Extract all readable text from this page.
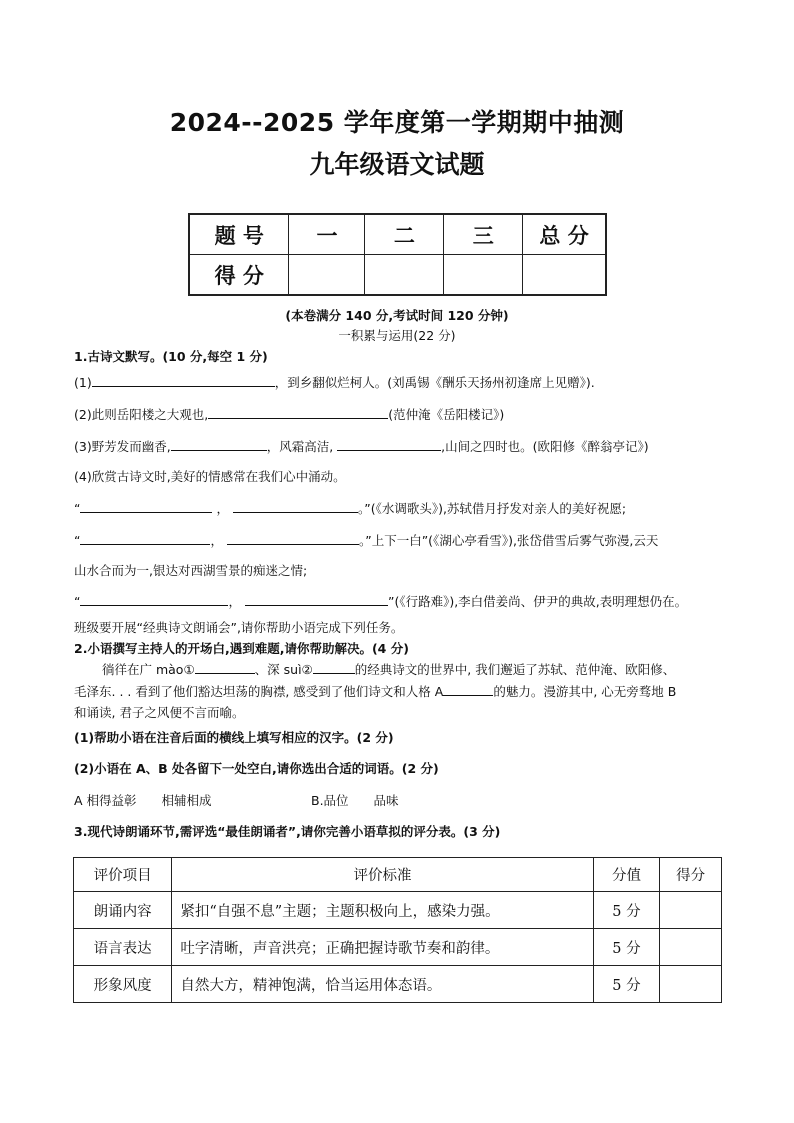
2024--2025 学年度第一学期期中抽测
九年级语文试题
题 号	一	二	三	总 分
得 分				
(本卷满分 140 分,考试时间 120 分钟)
一积累与运用(22 分)
1.古诗文默写。(10 分,每空 1 分)
(1)	，到乡翻似烂柯人。(刘禹锡《酬乐天扬州初逢席上见赠》).
(2)此则岳阳楼之大观也,	(范仲淹《岳阳楼记》)
(3)野芳发而幽香,	，风霜高洁,	,山间之四时也。(欧阳修《醉翁亭记》)
(4)欣赏古诗文时,美好的情感常在我们心中涌动。
“	，	。”(《水调歌头》),苏轼借月抒发对亲人的美好祝愿;
“	，	。”上下一白”(《湖心亭看雪》),张岱借雪后雾气弥漫,云天
山水合而为一,银达对西湖雪景的痴迷之情;
“	，	”(《行路难》),李白借姜尚、伊尹的典故,表明理想仍在。
班级要开展“经典诗文朗诵会”,请你帮助小语完成下列任务。
2.小语撰写主持人的开场白,遇到难题,请你帮助解决。(4 分)
徜徉在广 mào①	、深 suì②	的经典诗文的世界中, 我们邂逅了苏轼、范仲淹、欧阳修、
毛泽东. . . 看到了他们豁达坦荡的胸襟, 感受到了他们诗文和人格 A	的魅力。漫游其中, 心无旁骛地 B
和诵读, 君子之风便不言而喻。
(1)帮助小语在注音后面的横线上填写相应的汉字。(2 分)
(2)小语在 A、B 处各留下一处空白,请你选出合适的词语。(2 分)
A 相得益彰　　相辅相成	B.品位　　品味
3.现代诗朗诵环节,需评选“最佳朗诵者”,请你完善小语草拟的评分表。(3 分)
评价项目	评价标准	分值	得分
朗诵内容	紧扣“自强不息”主题；主题积极向上，感染力强。	5 分	
语言表达	吐字清晰，声音洪亮；正确把握诗歌节奏和韵律。	5 分	
形象风度	自然大方，精神饱满，恰当运用体态语。	5 分	
